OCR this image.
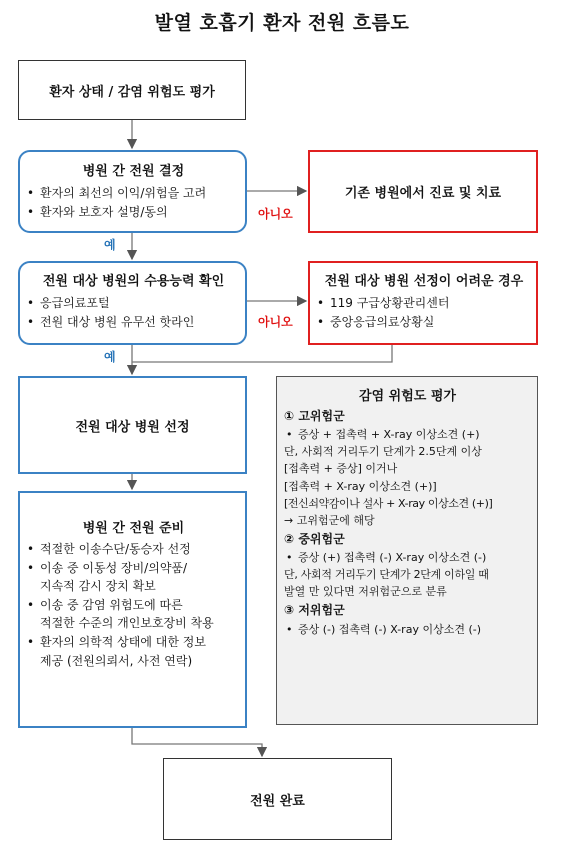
발열 호흡기 환자 전원 흐름도
환자 상태 / 감염 위험도 평가
병원 간 전원 결정
• 환자의 최선의 이익/위험을 고려
• 환자와 보호자 설명/동의
기존 병원에서 진료 및 치료
아니오
예
전원 대상 병원의 수용능력 확인
• 응급의료포털
• 전원 대상 병원 유무선 핫라인
전원 대상 병원 선정이 어려운 경우
• 119 구급상황관리센터
• 중앙응급의료상황실
아니오
예
전원 대상 병원 선정
병원 간 전원 준비
• 적절한 이송수단/동승자 선정
• 이송 중 이동성 장비/의약품/
지속적 감시 장치 확보
• 이송 중 감염 위험도에 따른
적절한 수준의 개인보호장비 착용
• 환자의 의학적 상태에 대한 정보
제공 (전원의뢰서, 사전 연락)
전원 완료
감염 위험도 평가
① 고위험군
• 증상 + 접촉력 + X-ray 이상소견 (+)
단, 사회적 거리두기 단계가 2.5단계 이상
[접촉력 + 증상] 이거나
[접촉력 + X-ray 이상소견 (+)]
[전신쇠약감이나 설사 + X-ray 이상소견 (+)]
→ 고위험군에 해당
② 중위험군
• 증상 (+) 접촉력 (-) X-ray 이상소견 (-)
단, 사회적 거리두기 단계가 2단계 이하일 때
발열 만 있다면 저위험군으로 분류
③ 저위험군
• 증상 (-) 접촉력 (-) X-ray 이상소견 (-)
